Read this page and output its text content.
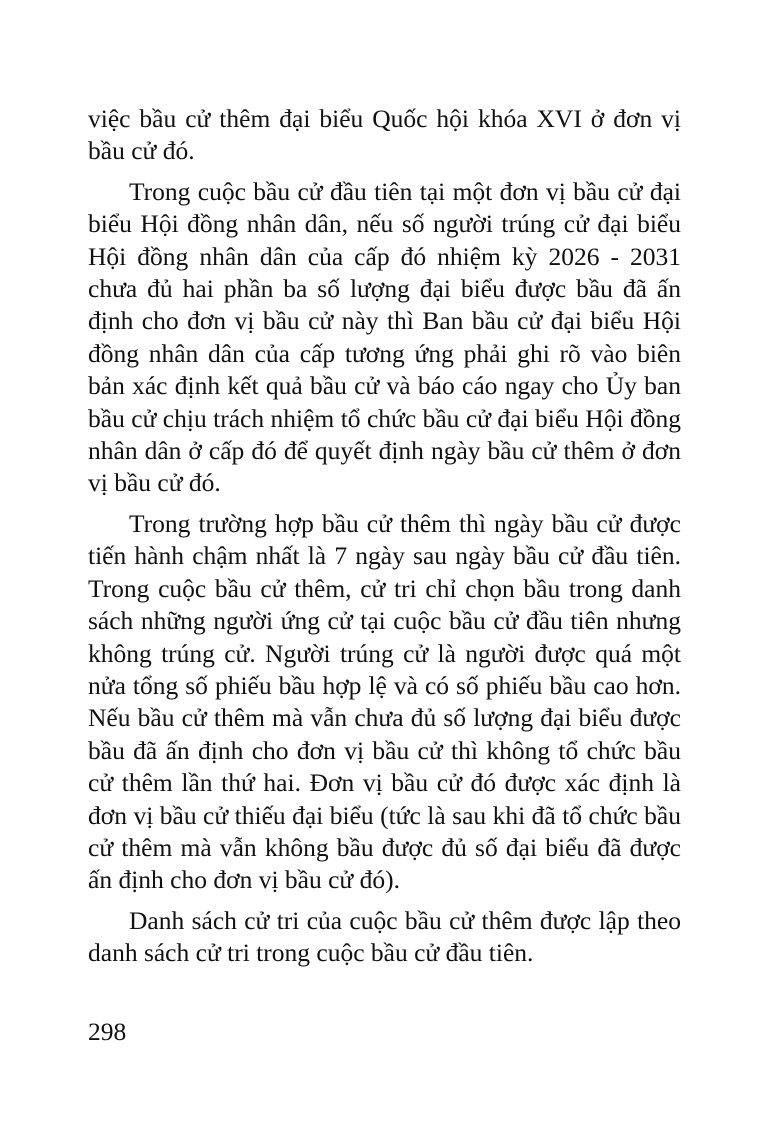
việc bầu cử thêm đại biểu Quốc hội khóa XVI ở đơn vị bầu cử đó.

Trong cuộc bầu cử đầu tiên tại một đơn vị bầu cử đại biểu Hội đồng nhân dân, nếu số người trúng cử đại biểu Hội đồng nhân dân của cấp đó nhiệm kỳ 2026 - 2031 chưa đủ hai phần ba số lượng đại biểu được bầu đã ấn định cho đơn vị bầu cử này thì Ban bầu cử đại biểu Hội đồng nhân dân của cấp tương ứng phải ghi rõ vào biên bản xác định kết quả bầu cử và báo cáo ngay cho Ủy ban bầu cử chịu trách nhiệm tổ chức bầu cử đại biểu Hội đồng nhân dân ở cấp đó để quyết định ngày bầu cử thêm ở đơn vị bầu cử đó.

Trong trường hợp bầu cử thêm thì ngày bầu cử được tiến hành chậm nhất là 7 ngày sau ngày bầu cử đầu tiên. Trong cuộc bầu cử thêm, cử tri chỉ chọn bầu trong danh sách những người ứng cử tại cuộc bầu cử đầu tiên nhưng không trúng cử. Người trúng cử là người được quá một nửa tổng số phiếu bầu hợp lệ và có số phiếu bầu cao hơn. Nếu bầu cử thêm mà vẫn chưa đủ số lượng đại biểu được bầu đã ấn định cho đơn vị bầu cử thì không tổ chức bầu cử thêm lần thứ hai. Đơn vị bầu cử đó được xác định là đơn vị bầu cử thiếu đại biểu (tức là sau khi đã tổ chức bầu cử thêm mà vẫn không bầu được đủ số đại biểu đã được ấn định cho đơn vị bầu cử đó).

Danh sách cử tri của cuộc bầu cử thêm được lập theo danh sách cử tri trong cuộc bầu cử đầu tiên.

298
